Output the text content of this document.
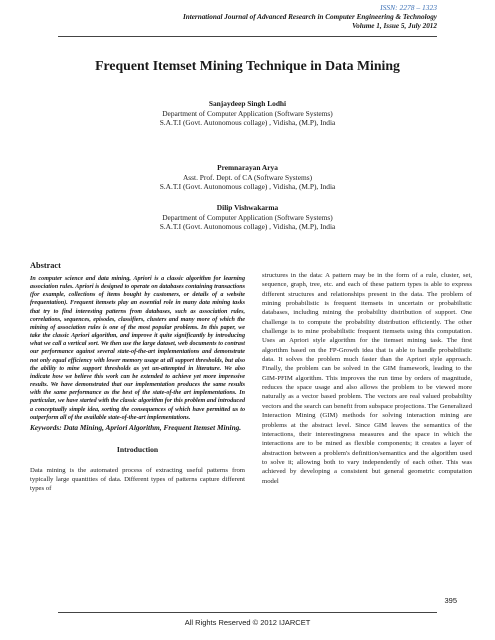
ISSN: 2278 – 1323
International Journal of Advanced Research in Computer Engineering & Technology
Volume 1, Issue 5, July 2012
Frequent Itemset Mining Technique in Data Mining
Sanjaydeep Singh Lodhi
Department of Computer Application (Software Systems)
S.A.T.I (Govt. Autonomous collage) , Vidisha, (M.P), India
Premnarayan Arya
Asst. Prof. Dept. of CA (Software Systems)
S.A.T.I (Govt. Autonomous collage) , Vidisha, (M.P), India
Dilip Vishwakarma
Department of Computer Application (Software Systems)
S.A.T.I (Govt. Autonomous collage) , Vidisha, (M.P), India
Abstract
In computer science and data mining, Apriori is a classic algorithm for learning association rules. Apriori is designed to operate on databases containing transactions (for example, collections of items bought by customers, or details of a website frequentation). Frequent itemsets play an essential role in many data mining tasks that try to find interesting patterns from databases, such as association rules, correlations, sequences, episodes, classifiers, clusters and many more of which the mining of association rules is one of the most popular problems. In this paper, we take the classic Apriori algorithm, and improve it quite significantly by introducing what we call a vertical sort. We then use the large dataset, web documents to contrast our performance against several state-of-the-art implementations and demonstrate not only equal efficiency with lower memory usage at all support thresholds, but also the ability to mine support thresholds as yet un-attempted in literature. We also indicate how we believe this work can be extended to achieve yet more impressive results. We have demonstrated that our implementation produces the same results with the same performance as the best of the state-of-the art implementations. In particular, we have started with the classic algorithm for this problem and introduced a conceptually simple idea, sorting the consequences of which have permitted us to outperform all of the available state-of-the-art implementations.
Keywords: Data Mining, Apriori Algorithm, Frequent Itemset Mining.
Introduction
Data mining is the automated process of extracting useful patterns from typically large quantities of data. Different types of patterns capture different types of
structures in the data: A pattern may be in the form of a rule, cluster, set, sequence, graph, tree, etc. and each of these pattern types is able to express different structures and relationships present in the data. The problem of mining probabilistic is frequent itemsets in uncertain or probabilistic databases, including mining the probability distribution of support. One challenge is to compute the probability distribution efficiently. The other challenge is to mine probabilistic frequent itemsets using this computation. Uses an Apriori style algorithm for the itemset mining task. The first algorithm based on the FP-Growth idea that is able to handle probabilistic data. It solves the problem much faster than the Apriori style approach. Finally, the problem can be solved in the GIM framework, leading to the GIM-PFIM algorithm. This improves the run time by orders of magnitude, reduces the space usage and also allows the problem to be viewed more naturally as a vector based problem. The vectors are real valued probability vectors and the search can benefit from subspace projections. The Generalized Interaction Mining (GIM) methods for solving interaction mining are problems at the abstract level. Since GIM leaves the semantics of the interactions, their interestingness measures and the space in which the interactions are to be mined as flexible components; it creates a layer of abstraction between a problem's definition/semantics and the algorithm used to solve it; allowing both to vary independently of each other. This was achieved by developing a consistent but general geometric computation model
395
All Rights Reserved © 2012 IJARCET
